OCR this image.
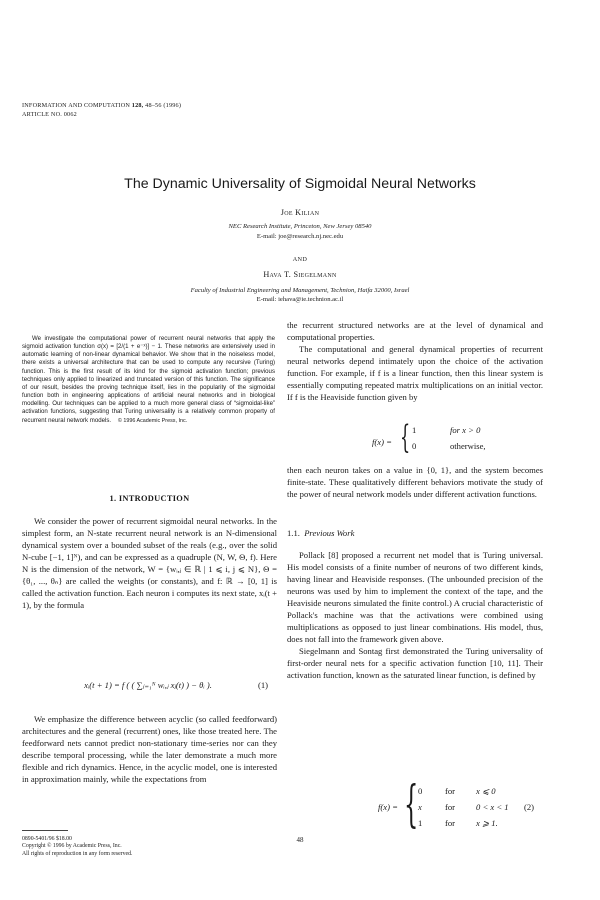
INFORMATION AND COMPUTATION 128, 48–56 (1996)
ARTICLE NO. 0062
The Dynamic Universality of Sigmoidal Neural Networks
Joe Kilian
NEC Research Institute, Princeton, New Jersey 08540
E-mail: joe@research.nj.nec.edu
AND
Hava T. Siegelmann
Faculty of Industrial Engineering and Management, Technion, Haifa 32000, Israel
E-mail: iehava@ie.technion.ac.il
We investigate the computational power of recurrent neural networks that apply the sigmoid activation function σ(x) = [2/(1 + e⁻ˣ)] − 1. These networks are extensively used in automatic learning of non-linear dynamical behavior. We show that in the noiseless model, there exists a universal architecture that can be used to compute any recursive (Turing) function. This is the first result of its kind for the sigmoid activation function; previous techniques only applied to linearized and truncated version of this function. The significance of our result, besides the proving technique itself, lies in the popularity of the sigmoidal function both in engineering applications of artificial neural networks and in biological modelling. Our techniques can be applied to a much more general class of “sigmoidal-like” activation functions, suggesting that Turing universality is a relatively common property of recurrent neural network models. © 1996 Academic Press, Inc.
1. INTRODUCTION

We consider the power of recurrent sigmoidal neural networks. In the simplest form, an N-state recurrent neural network is an N-dimensional dynamical system over a bounded subset of the reals (e.g., over the solid N-cube [−1, 1]ᴺ), and can be expressed as a quadruple (N, W, Θ, f). Here N is the dimension of the network, W = {wᵢ,ⱼ ∈ ℝ | 1 ⩽ i, j ⩽ N}, Θ = {θ₁, ..., θₙ} are called the weights (or constants), and f: ℝ → [0, 1] is called the activation function. Each neuron i computes its next state, xᵢ(t + 1), by the formula

xᵢ(t + 1) = f ( ( ∑ⱼ₌₁ᴺ wᵢ,ⱼ xⱼ(t) ) − θᵢ ).	(1)

We emphasize the difference between acyclic (so called feedforward) architectures and the general (recurrent) ones, like those treated here. The feedforward nets cannot predict non-stationary time-series nor can they describe temporal processing, while the later demonstrate a much more flexible and rich dynamics. Hence, in the acyclic model, one is interested in approximation mainly, while the expectations from

the recurrent structured networks are at the level of dynamical and computational properties.

The computational and general dynamical properties of recurrent neural networks depend intimately upon the choice of the activation function. For example, if f is a linear function, then this linear system is essentially computing repeated matrix multiplications on an initial vector. If f is the Heaviside function given by

f(x) = { 1	for x > 0
0	otherwise,

then each neuron takes on a value in {0, 1}, and the system becomes finite-state. These qualitatively different behaviors motivate the study of the power of neural network models under different activation functions.

1.1. Previous Work

Pollack [8] proposed a recurrent net model that is Turing universal. His model consists of a finite number of neurons of two different kinds, having linear and Heaviside responses. (The unbounded precision of the neurons was used by him to implement the context of the tape, and the Heaviside neurons simulated the finite control.) A crucial characteristic of Pollack's machine was that the activations were combined using multiplications as opposed to just linear combinations. His model, thus, does not fall into the framework given above.

Siegelmann and Sontag first demonstrated the Turing universality of first-order neural nets for a specific activation function [10, 11]. Their activation function, known as the saturated linear function, is defined by

f(x) = { 0	for x ⩽ 0
x	for 0 < x < 1
1	for x ⩾ 1.
(2)
0890-5401/96 $18.00
Copyright © 1996 by Academic Press, Inc.
All rights of reproduction in any form reserved.
48
